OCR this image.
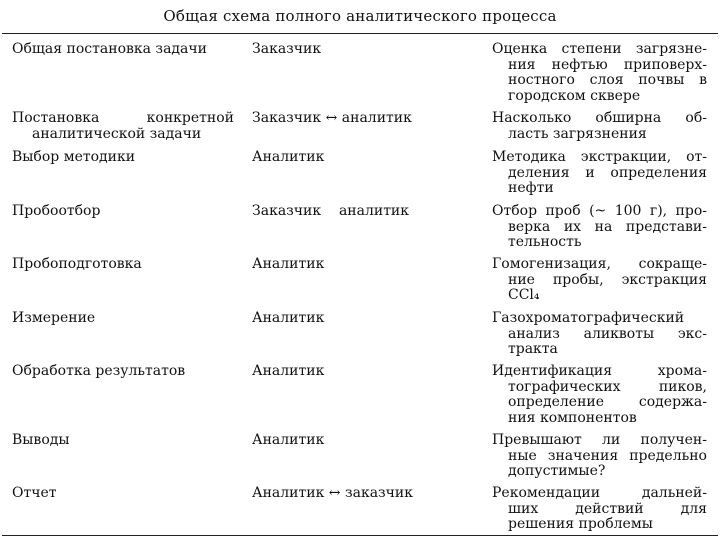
Общая схема полного аналитического процесса
Общая постановка задачи	Заказчик	Оценка степени загрязне-
ния нефтью приповерх-
ностного слоя почвы в
городском сквере
Постановка конкретной
аналитической задачи
Заказчик ↔ аналитик	Насколько обширна об-
ласть загрязнения
Выбор методики	Аналитик	Методика экстракции, от-
деления и определения
нефти
Пробоотбор	Заказчик    аналитик	Отбор проб (~ 100 г), про-
верка их на представи-
тельность
Пробоподготовка	Аналитик	Гомогенизация, сокраще-
ние пробы, экстракция
CCl₄
Измерение	Аналитик	Газохроматографический
анализ аликвоты экс-
тракта
Обработка результатов	Аналитик	Идентификация хрома-
тографических пиков,
определение содержа-
ния компонентов
Выводы	Аналитик	Превышают ли получен-
ные значения предельно
допустимые?
Отчет	Аналитик ↔ заказчик	Рекомендации дальней-
ших действий для
решения проблемы
